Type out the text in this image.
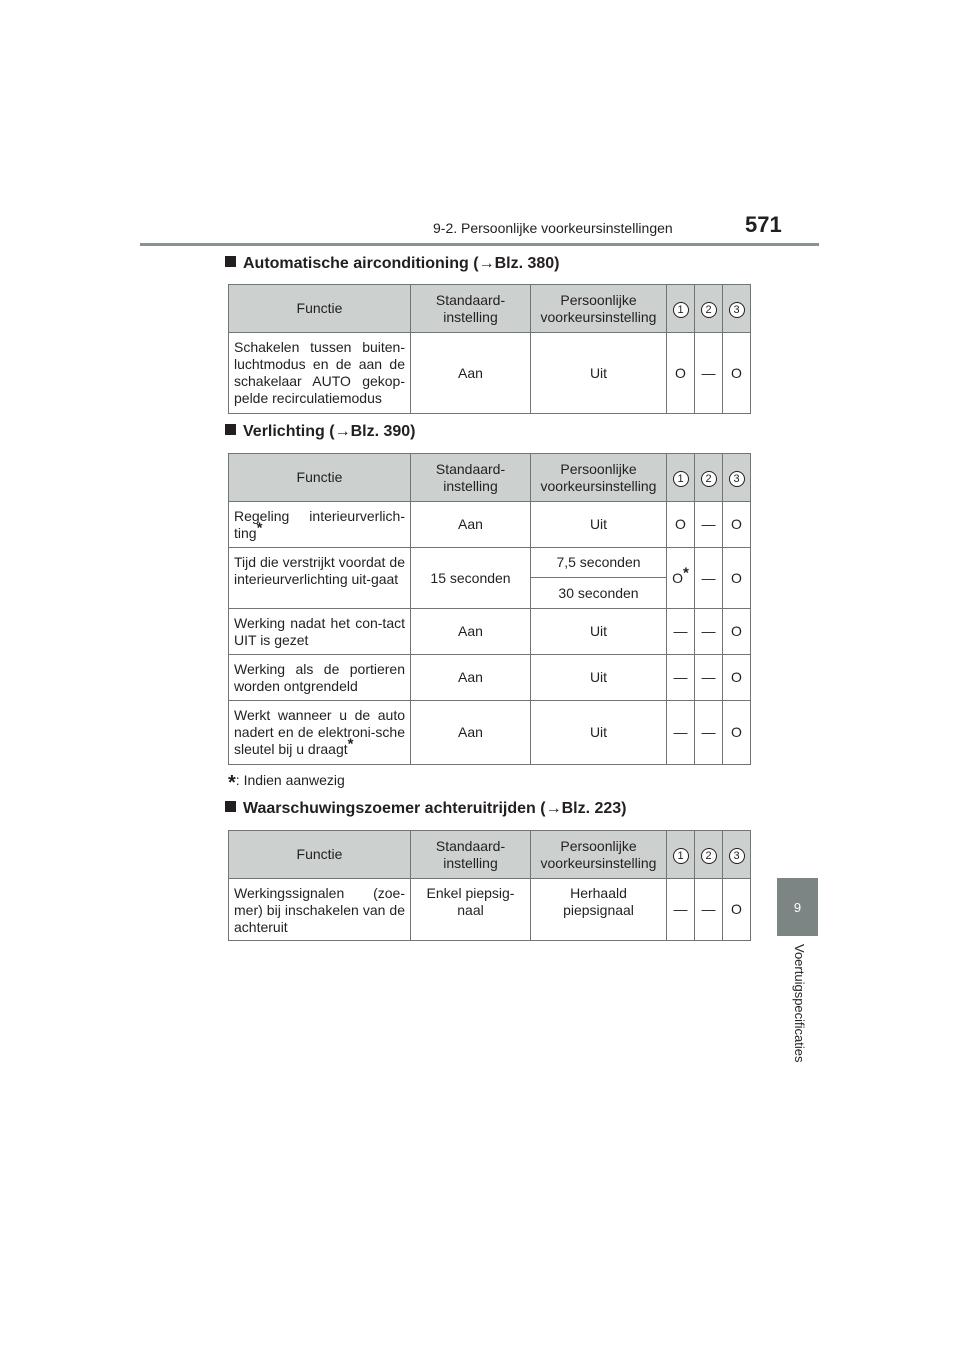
9-2. Persoonlijke voorkeursinstellingen	571
9
Voertuigspecificaties
Automatische airconditioning (→Blz. 380)
Functie	Standaard-instelling	Persoonlijke voorkeursinstelling	1	2	3
Schakelen tussen buiten-luchtmodus en de aan de schakelaar AUTO gekop-pelde recirculatiemodus	Aan	Uit	O	—	O
Verlichting (→Blz. 390)
Functie	Standaard-instelling	Persoonlijke voorkeursinstelling	1	2	3
Regeling interieurverlich-ting*	Aan	Uit	O	—	O
Tijd die verstrijkt voordat de interieurverlichting uit-gaat	15 seconden	7,5 seconden	O*	—	O
		30 seconden			
Werking nadat het con-tact UIT is gezet	Aan	Uit	—	—	O
Werking als de portieren worden ontgrendeld	Aan	Uit	—	—	O
Werkt wanneer u de auto nadert en de elektroni-sche sleutel bij u draagt*	Aan	Uit	—	—	O
*: Indien aanwezig
Waarschuwingszoemer achteruitrijden (→Blz. 223)
Functie	Standaard-instelling	Persoonlijke voorkeursinstelling	1	2	3
Werkingssignalen (zoe-mer) bij inschakelen van de achteruit	Enkel piepsig-naal	Herhaald piepsignaal	—	—	O
